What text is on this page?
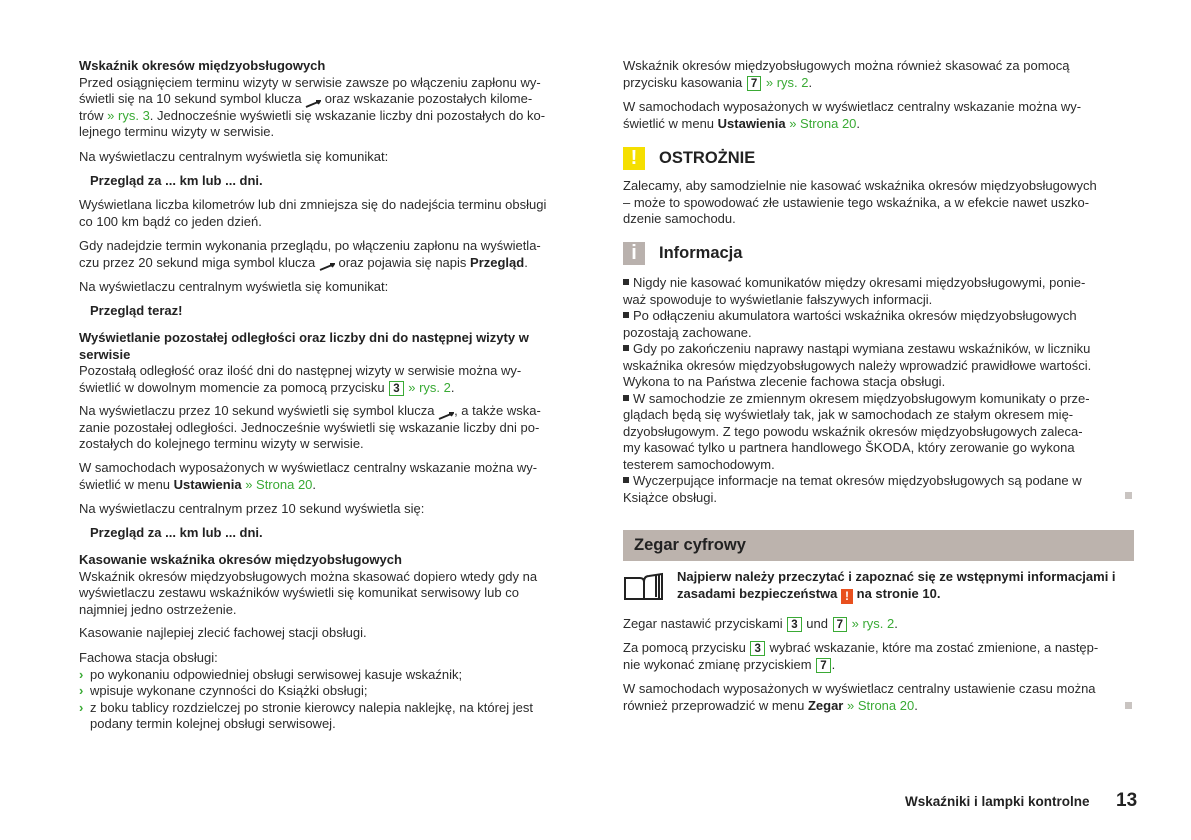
Wskaźnik okresów międzyobsługowych
Przed osiągnięciem terminu wizyty w serwisie zawsze po włączeniu zapłonu wy-
świetli się na 10 sekund symbol klucza  oraz wskazanie pozostałych kilome-
trów » rys. 3. Jednocześnie wyświetli się wskazanie liczby dni pozostałych do ko-
lejnego terminu wizyty w serwisie.
Na wyświetlaczu centralnym wyświetla się komunikat:
Przegląd za ... km lub ... dni.
Wyświetlana liczba kilometrów lub dni zmniejsza się do nadejścia terminu obsługi
co 100 km bądź co jeden dzień.
Gdy nadejdzie termin wykonania przeglądu, po włączeniu zapłonu na wyświetla-
czu przez 20 sekund miga symbol klucza  oraz pojawia się napis Przegląd.
Na wyświetlaczu centralnym wyświetla się komunikat:
Przegląd teraz!
Wyświetlanie pozostałej odległości oraz liczby dni do następnej wizyty w
serwisie
Pozostałą odległość oraz ilość dni do następnej wizyty w serwisie można wy-
świetlić w dowolnym momencie za pomocą przycisku 3 » rys. 2.
Na wyświetlaczu przez 10 sekund wyświetli się symbol klucza , a także wska-
zanie pozostałej odległości. Jednocześnie wyświetli się wskazanie liczby dni po-
zostałych do kolejnego terminu wizyty w serwisie.
W samochodach wyposażonych w wyświetlacz centralny wskazanie można wy-
świetlić w menu Ustawienia » Strona 20.
Na wyświetlaczu centralnym przez 10 sekund wyświetla się:
Przegląd za ... km lub ... dni.
Kasowanie wskaźnika okresów międzyobsługowych
Wskaźnik okresów międzyobsługowych można skasować dopiero wtedy gdy na
wyświetlaczu zestawu wskaźników wyświetli się komunikat serwisowy lub co
najmniej jedno ostrzeżenie.
Kasowanie najlepiej zlecić fachowej stacji obsługi.
Fachowa stacja obsługi:
› po wykonaniu odpowiedniej obsługi serwisowej kasuje wskaźnik;
› wpisuje wykonane czynności do Książki obsługi;
› z boku tablicy rozdzielczej po stronie kierowcy nalepia naklejkę, na której jest
podany termin kolejnej obsługi serwisowej.
!	OSTROŻNIE
i	Informacja
Zegar cyfrowy
Wskaźnik okresów międzyobsługowych można również skasować za pomocą
przycisku kasowania 7 » rys. 2.
W samochodach wyposażonych w wyświetlacz centralny wskazanie można wy-
świetlić w menu Ustawienia » Strona 20.
Zalecamy, aby samodzielnie nie kasować wskaźnika okresów międzyobsługowych
– może to spowodować złe ustawienie tego wskaźnika, a w efekcie nawet uszko-
dzenie samochodu.
Nigdy nie kasować komunikatów między okresami międzyobsługowymi, ponie-
waż spowoduje to wyświetlanie fałszywych informacji.
Po odłączeniu akumulatora wartości wskaźnika okresów międzyobsługowych
pozostają zachowane.
Gdy po zakończeniu naprawy nastąpi wymiana zestawu wskaźników, w liczniku
wskaźnika okresów międzyobsługowych należy wprowadzić prawidłowe wartości.
Wykona to na Państwa zlecenie fachowa stacja obsługi.
W samochodzie ze zmiennym okresem międzyobsługowym komunikaty o prze-
glądach będą się wyświetlały tak, jak w samochodach ze stałym okresem mię-
dzyobsługowym. Z tego powodu wskaźnik okresów międzyobsługowych zaleca-
my kasować tylko u partnera handlowego ŠKODA, który zerowanie go wykona
testerem samochodowym.
Wyczerpujące informacje na temat okresów międzyobsługowych są podane w
Książce obsługi.
Najpierw należy przeczytać i zapoznać się ze wstępnymi informacjami i
zasadami bezpieczeństwa ! na stronie 10.
Zegar nastawić przyciskami 3 und 7 » rys. 2.
Za pomocą przycisku 3 wybrać wskazanie, które ma zostać zmienione, a następ-
nie wykonać zmianę przyciskiem 7 .
W samochodach wyposażonych w wyświetlacz centralny ustawienie czasu można
również przeprowadzić w menu Zegar » Strona 20.
Wskaźniki i lampki kontrolne 13
